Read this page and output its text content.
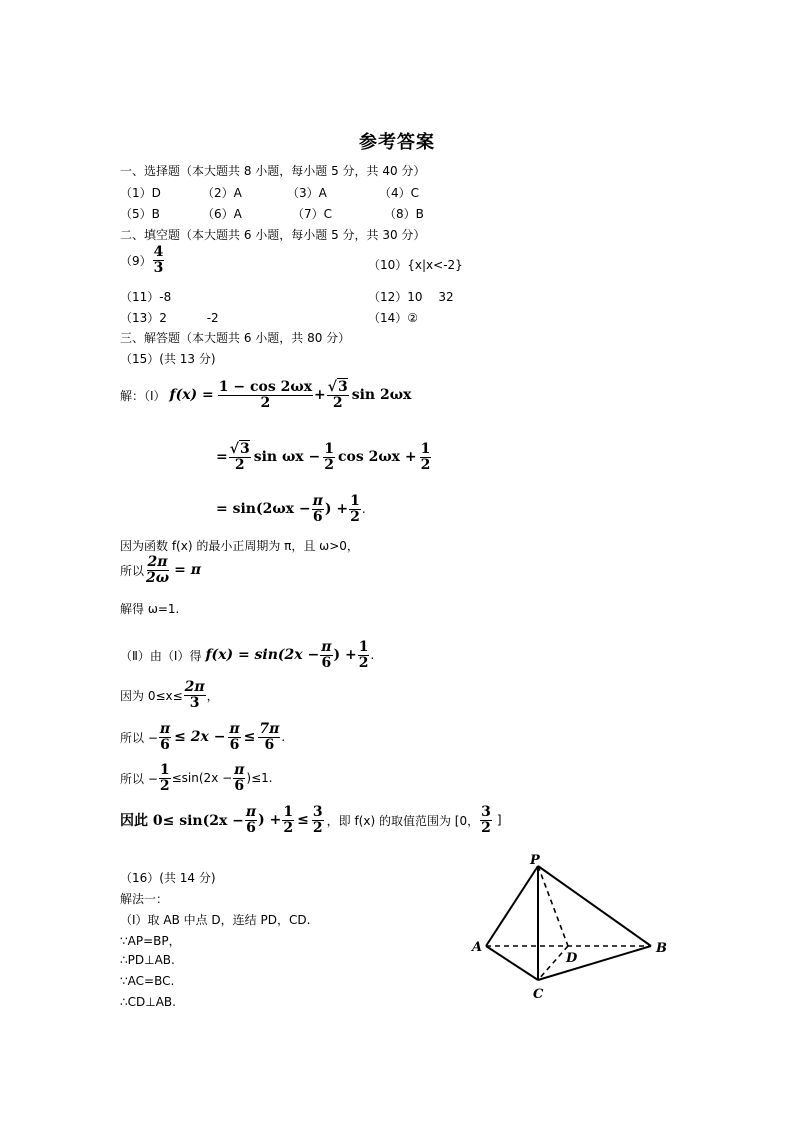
参考答案
一、选择题（本大题共 8 小题，每小题 5 分，共 40 分）
（1）D	（2）A	（3）A	（4）C
（5）B	（6）A	（7）C	（8）B
二、填空题（本大题共 6 小题，每小题 5 分，共 30 分）
$(9) \frac{4}{3}$	（10）{x|x<-2}
（11）-8	（12）10　 32
（13）2　　　 -2	（14）②
三、解答题（本大题共 6 小题，共 80 分）
（15）(共 13 分)
解：（Ⅰ） $f(x) = \frac{1 - \cos 2\omega x}{2} + \frac{√3}{2}$ sin 2ωx
= $\frac{√3}{2}$ $\sin \omega x - \frac{1}{2}$ $\cos 2\omega x + \frac{1}{2}$
= $\sin(2\omega x - \frac{\pi}{6}$ ) + $\frac{1}{2}$ .
因为函数 f(x) 的最小正周期为 π，且 ω>0，
所以 $\frac{2\pi}{2\omega} = \pi$
解得 ω=1.
（Ⅱ）由（Ⅰ）得 $f(x) = \sin(2x - \frac{\pi}{6}$ ) + $\frac{1}{2}$ .
因为 $0\le x\le \frac{2\pi}{3}$ ，
所以 − $\frac{\pi}{6} \le 2x - \frac{\pi}{6} \le \frac{7\pi}{6}$ .
所以 − $\frac{1}{2} \le\sin(2x - \frac{\pi}{6} )\le 1$.
因此 $0\le \sin(2x - \frac{\pi}{6}$ ) + $\frac{1}{2} \le \frac{3}{2}$ ，即 f(x) 的取值范围为 [0， $\frac{3}{2}$ ]
（16）(共 14 分)
解法一：
（Ⅰ）取 AB 中点 D，连结 PD，CD.
∵AP=BP，
∴PD⊥AB.
∵AC=BC.
∴CD⊥AB.
P
A	B
C
D
